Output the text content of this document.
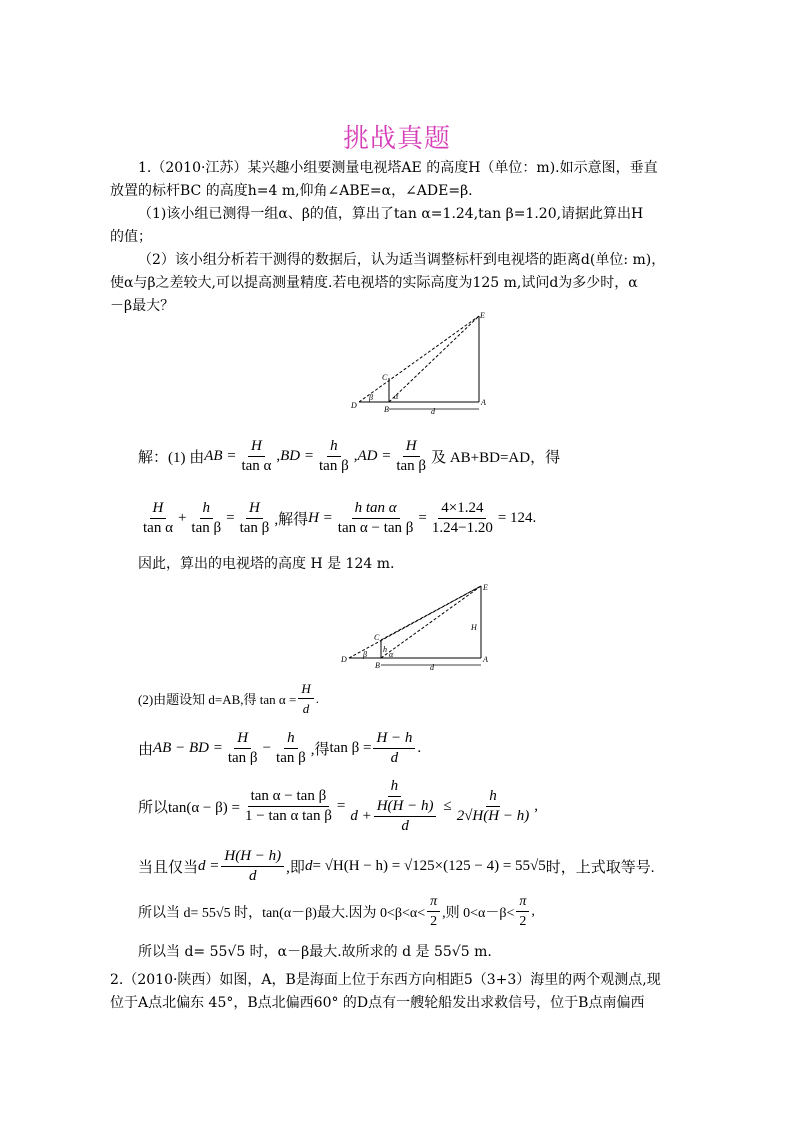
挑战真题
1.（2010·江苏）某兴趣小组要测量电视塔AE 的高度H（单位：m).如示意图，垂直
放置的标杆BC 的高度h=4 m,仰角∠ABE=α，∠ADE=β.
（1)该小组已测得一组α、β的值，算出了tan α=1.24,tan β=1.20,请据此算出H
的值；
（2）该小组分析若干测得的数据后，认为适当调整标杆到电视塔的距离d(单位: m)，
使α与β之差较大,可以提高测量精度.若电视塔的实际高度为125 m,试问d为多少时，α
－β最大？
E
C
D	B
A
β	α
d
解：(1) 由 AB = $\frac{H}{\text{tan α}}$ , BD = $\frac{h}{\text{tan β}}$ , AD = $\frac{H}{\text{tan β}}$ 及 AB+BD=AD，得
$\frac{H}{\text{tan α}} + \frac{h}{\text{tan β}} = \frac{H}{\text{tan β}}$ ,解得 $H = \frac{\text{h tan α}}{\text{tan α − tan β}} = \frac{4\times 1.24}{1.24-1.20} = 124$.
因此，算出的电视塔的高度 H 是 124 m.
E
C
D
B
A
H
h
β	α
d
(2)由题设知 d=AB,得 $\tan \alpha = \frac{H}{d}$ .
由 AB − BD = $\frac{H}{\text{tan β}} - \frac{h}{\text{tan β}}$ ,得 $\tan \beta = \frac{H - h}{d}$ .
所以$\tan(\alpha - \beta) = \frac{\text{tan α − tan β}}{\text{1 − tan α tan β}} = \frac{h}{d + \frac{H(H - h)}{d}} \le \frac{h}{2√H(H - h)}$ ,
当且仅当 $d = \frac{H(H - h)}{d}$ ,即 d = √H(H − h) = √125×(125 − 4) = 55√5 时，上式取等号.
所以当 d= 55√5 时，tan(α－β)最大.因为 $0<\beta<\alpha< \frac{\pi}{2}$ ,则 $0<\alpha-\beta< \frac{\pi}{2}$ ,
所以当 d= 55√5 时，α－β最大.故所求的 d 是 55√5 m.
2.（2010·陕西）如图，A，B是海面上位于东西方向相距5（3+3）海里的两个观测点,现
位于A点北偏东 45°，B点北偏西60° 的D点有一艘轮船发出求救信号，位于B点南偏西
